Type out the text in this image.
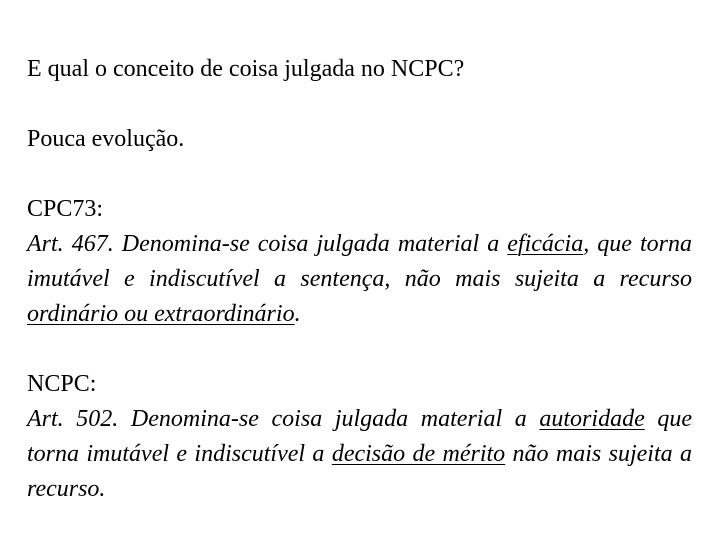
E qual o conceito de coisa julgada no NCPC?

Pouca evolução.

CPC73:

Art. 467. Denomina-se coisa julgada material a eficácia, que torna imutável e indiscutível a sentença, não mais sujeita a recurso ordinário ou extraordinário.

NCPC:

Art. 502. Denomina-se coisa julgada material a autoridade que torna imutável e indiscutível a decisão de mérito não mais sujeita a recurso.
